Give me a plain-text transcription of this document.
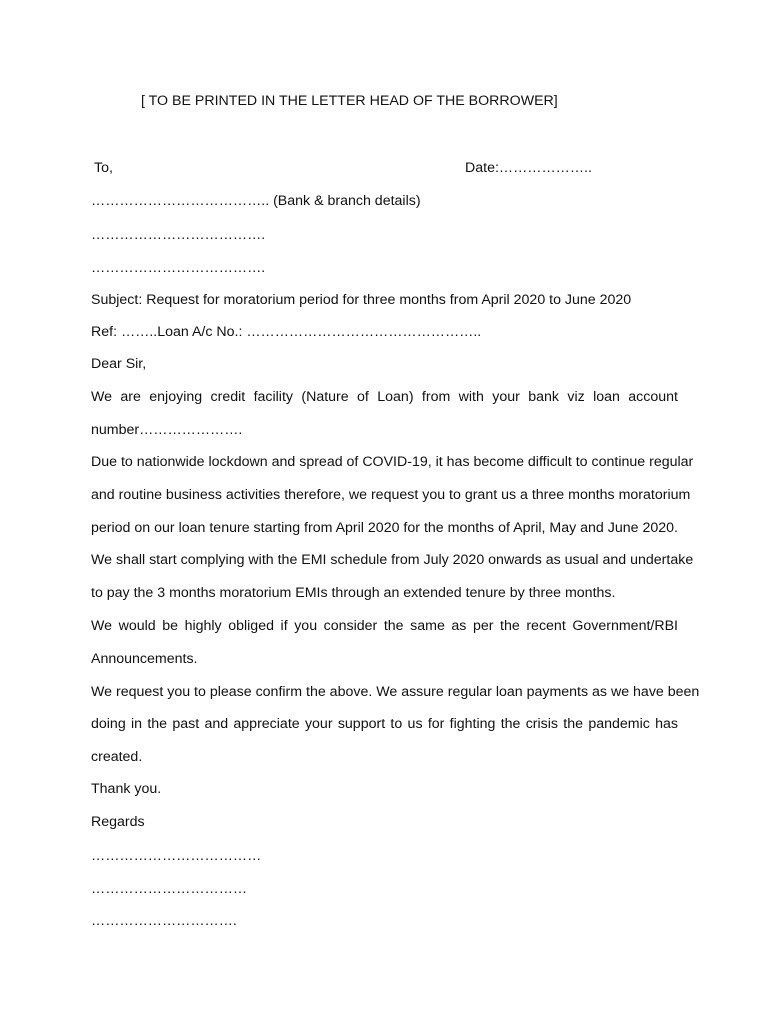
[ TO BE PRINTED IN THE LETTER HEAD OF THE BORROWER]
To,	Date:………………..
……………………………….. (Bank & branch details)
……………………………….
……………………………….
Subject: Request for moratorium period for three months from April 2020 to June 2020
Ref: ……..Loan A/c No.: …………………………………………..
Dear Sir,
We are enjoying credit facility (Nature of Loan) from with your bank viz loan account
number………………….
Due to nationwide lockdown and spread of COVID-19, it has become difficult to continue regular
and routine business activities therefore, we request you to grant us a three months moratorium
period on our loan tenure starting from April 2020 for the months of April, May and June 2020.
We shall start complying with the EMI schedule from July 2020 onwards as usual and undertake
to pay the 3 months moratorium EMIs through an extended tenure by three months.
We would be highly obliged if you consider the same as per the recent Government/RBI
Announcements.
We request you to please confirm the above. We assure regular loan payments as we have been
doing in the past and appreciate your support to us for fighting the crisis the pandemic has
created.
Thank you.
Regards
………………………………
……………………………
………………………….
